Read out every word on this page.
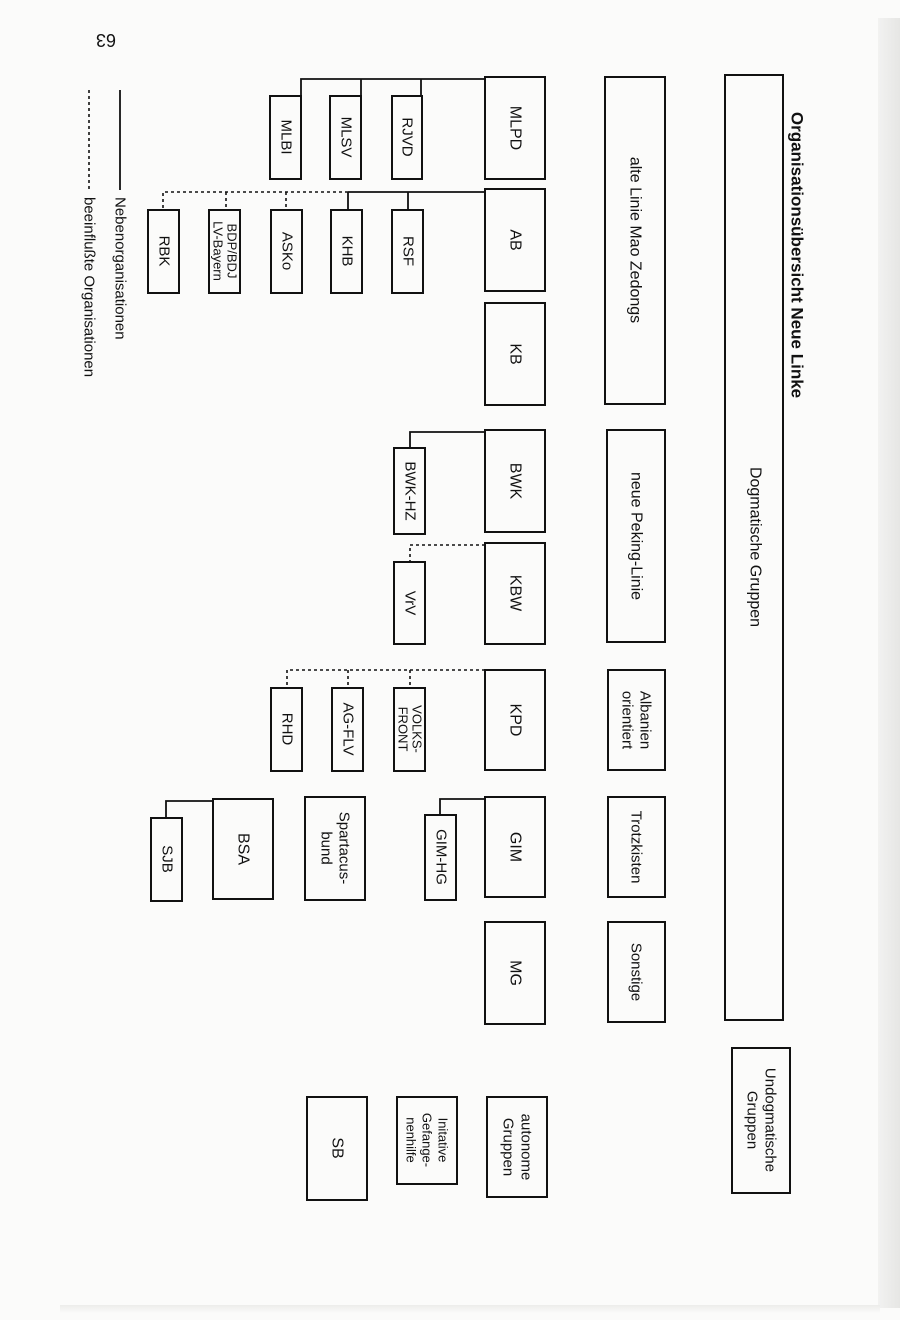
63
Organisationsübersicht Neue Linke
Dogmatische Gruppen
Undogmatische
Gruppen
alte Linie Mao Zedongs
neue Peking-Linie
Albanien
orientiert
Trotzkisten
Sonstige
MLPD
AB
KB
BWK
KBW
KPD
GIM
MG
autonome
Gruppen
Spartacus-
bund
BSA
SB
RJVD
MLSV
MLBI
RSF
KHB
ASKo
BDP/BDJ
LV-Bayern
RBK
BWK-HZ
VrV
VOLKS-
FRONT
AG-FLV
RHD
GIM-HG
SJB
Initative
Gefange-
nenhilfe
Nebenorganisationen
beeinflußte Organisationen
